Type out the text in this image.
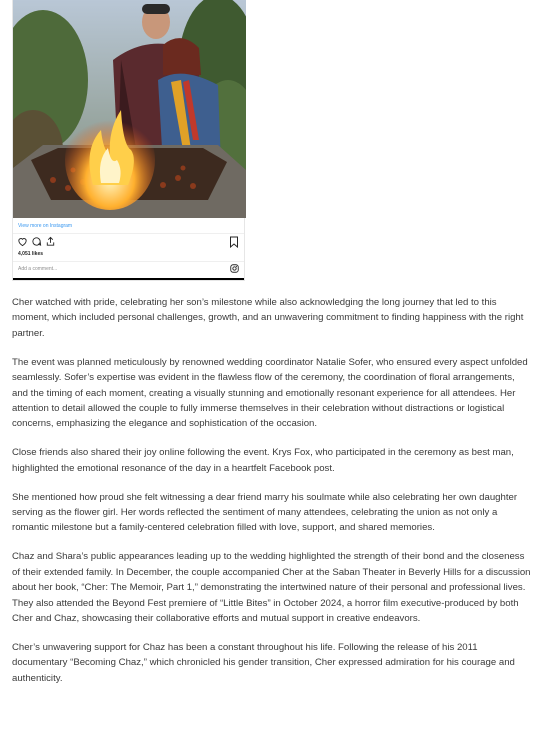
View more on Instagram
4,051 likes
Add a comment...

Cher watched with pride, celebrating her son’s milestone while also acknowledging the long journey that led to this moment, which included personal challenges, growth, and an unwavering commitment to finding happiness with the right partner.

The event was planned meticulously by renowned wedding coordinator Natalie Sofer, who ensured every aspect unfolded seamlessly. Sofer’s expertise was evident in the flawless flow of the ceremony, the coordination of floral arrangements, and the timing of each moment, creating a visually stunning and emotionally resonant experience for all attendees. Her attention to detail allowed the couple to fully immerse themselves in their celebration without distractions or logistical concerns, emphasizing the elegance and sophistication of the occasion.

Close friends also shared their joy online following the event. Krys Fox, who participated in the ceremony as best man, highlighted the emotional resonance of the day in a heartfelt Facebook post.

She mentioned how proud she felt witnessing a dear friend marry his soulmate while also celebrating her own daughter serving as the flower girl. Her words reflected the sentiment of many attendees, celebrating the union as not only a romantic milestone but a family-centered celebration filled with love, support, and shared memories.

Chaz and Shara’s public appearances leading up to the wedding highlighted the strength of their bond and the closeness of their extended family. In December, the couple accompanied Cher at the Saban Theater in Beverly Hills for a discussion about her book, “Cher: The Memoir, Part 1,” demonstrating the intertwined nature of their personal and professional lives. They also attended the Beyond Fest premiere of “Little Bites” in October 2024, a horror film executive-produced by both Cher and Chaz, showcasing their collaborative efforts and mutual support in creative endeavors.

Cher’s unwavering support for Chaz has been a constant throughout his life. Following the release of his 2011 documentary “Becoming Chaz,” which chronicled his gender transition, Cher expressed admiration for his courage and authenticity.
